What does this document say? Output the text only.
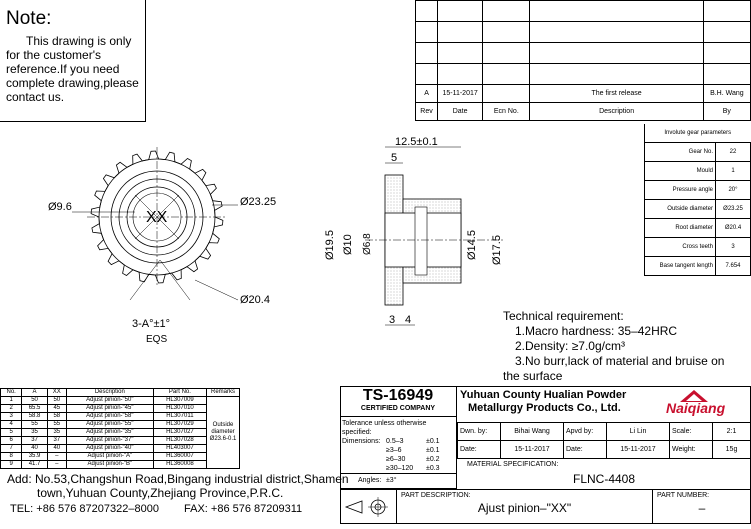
Note:
This drawing is only
for the customer's
reference.If you need
complete drawing,please
contact us.

					A	15-11-2017		The first release	B.H. Wang
Rev	Date	Ecn No.	Description	By
Involute gear parameters	
Gear No.	22
Mould	1
Pressure angle	20°
Outside diameter	Ø23.25
Root diameter	Ø20.4
Cross teeth	3
Base tangent length	7.654
Ø9.6	Ø23.25
Ø20.4
XX
3-A°±1°
EQS
12.5±0.1
5
Ø19.5 Ø10 Ø6.8	Ø14.5 Ø17.5
3 4	Technical requirement:
1.Macro hardness: 35–42HRC
2.Density: ≥7.0g/cm³
3.No burr,lack of material and bruise on
the surface
No.	A	XX	Description	Part No.	Remarks
1	50	50	Adjust pinion-"50"	HL307009	Outside diameter Ø23.6-0.1
2	65.5	45	Adjust pinion-"45"	HL307010	
3	58.8	58	Adjust pinion-"58"	HL307011	
4	55	55	Adjust pinion-"55"	HL307029	
5	35	35	Adjust pinion-"35"	HL307027	
6	37	37	Adjust pinion-"37"	HL307028	
7	40	40	Adjust pinion-"40"	HL403007	
8	35.9	–	Adjust pinion-"A"	HL360007	
9	41.7	–	Adjust pinion-"B"	HL360008	
Add: No.53,Changshun Road,Bingang industrial district,Shamen
town,Yuhuan County,Zhejiang Province,P.R.C.
TEL: +86 576 87207322–8000 FAX: +86 576 87209311
TS-16949
CERTIFIED COMPANY
Yuhuan County Hualian Powder
Metallurgy Products Co., Ltd.	Naiqiang
Tolerance unless otherwise specified:
Dimensions: 0.5–3	±0.1
≥3–6	±0.1
≥6–30	±0.2
≥30–120 ±0.3
Angles: ±3°
Dwn. by:	Bihai Wang	Apvd by:	Li Lin	Scale:	2:1
Date:	15-11-2017	Date:	15-11-2017	Weight:	15g
MATERIAL SPECIFICATION:
FLNC-4408
PART DESCRIPTION:
Ajust pinion–"XX"
PART NUMBER:
–
